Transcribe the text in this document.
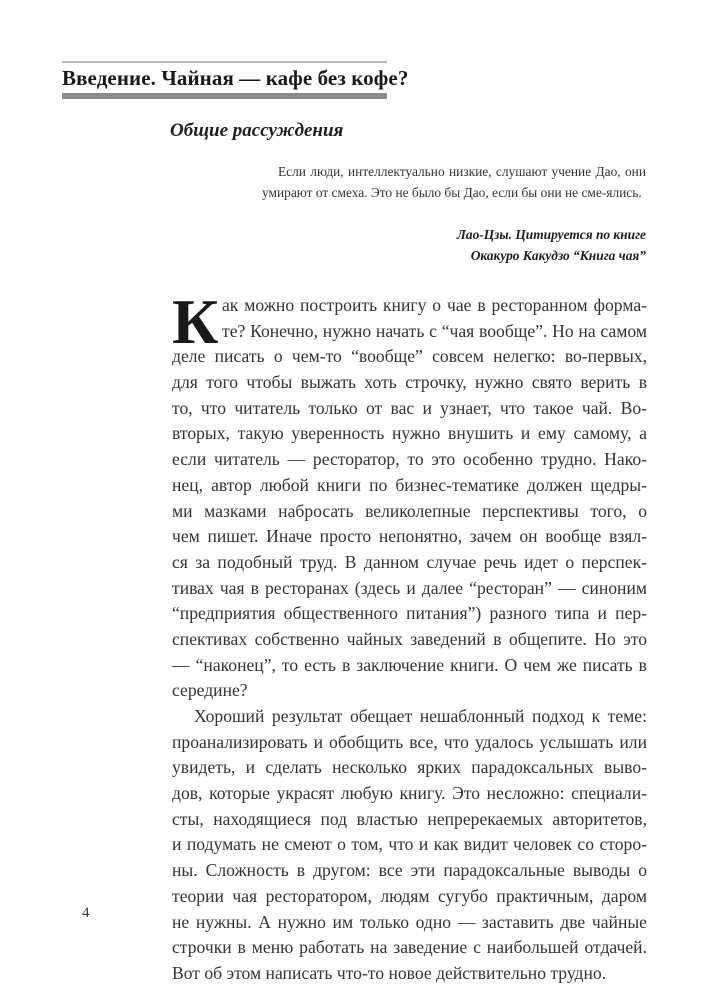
Введение. Чайная — кафе без кофе?
Общие рассуждения

Если люди, интеллектуально низкие, слушают учение Дао, они умирают от смеха. Это не было бы Дао, если бы они не сме-ялись.

Лао-Цзы. Цитируется по книге
Окакуро Какудзо “Книга чая”
К ак можно построить книгу о чае в ресторанном форма-
те? Конечно, нужно начать с “чая вообще”. Но на самом
деле писать о чем-то “вообще” совсем нелегко: во-первых,
для того чтобы выжать хоть строчку, нужно свято верить в
то, что читатель только от вас и узнает, что такое чай. Во-
вторых, такую уверенность нужно внушить и ему самому, а
если читатель — ресторатор, то это особенно трудно. Нако-
нец, автор любой книги по бизнес-тематике должен щедры-
ми мазками набросать великолепные перспективы того, о
чем пишет. Иначе просто непонятно, зачем он вообще взял-
ся за подобный труд. В данном случае речь идет о перспек-
тивах чая в ресторанах (здесь и далее “ресторан” — синоним
“предприятия общественного питания”) разного типа и пер-
спективах собственно чайных заведений в общепите. Но это
— “наконец”, то есть в заключение книги. О чем же писать в
середине?
Хороший результат обещает нешаблонный подход к теме:
проанализировать и обобщить все, что удалось услышать или
увидеть, и сделать несколько ярких парадоксальных выво-
дов, которые украсят любую книгу. Это несложно: специали-
сты, находящиеся под властью непререкаемых авторитетов,
и подумать не смеют о том, что и как видит человек со сторо-
ны. Сложность в другом: все эти парадоксальные выводы о
теории чая ресторатором, людям сугубо практичным, даром
не нужны. А нужно им только одно — заставить две чайные
строчки в меню работать на заведение с наибольшей отдачей.
Вот об этом написать что-то новое действительно трудно.
4
